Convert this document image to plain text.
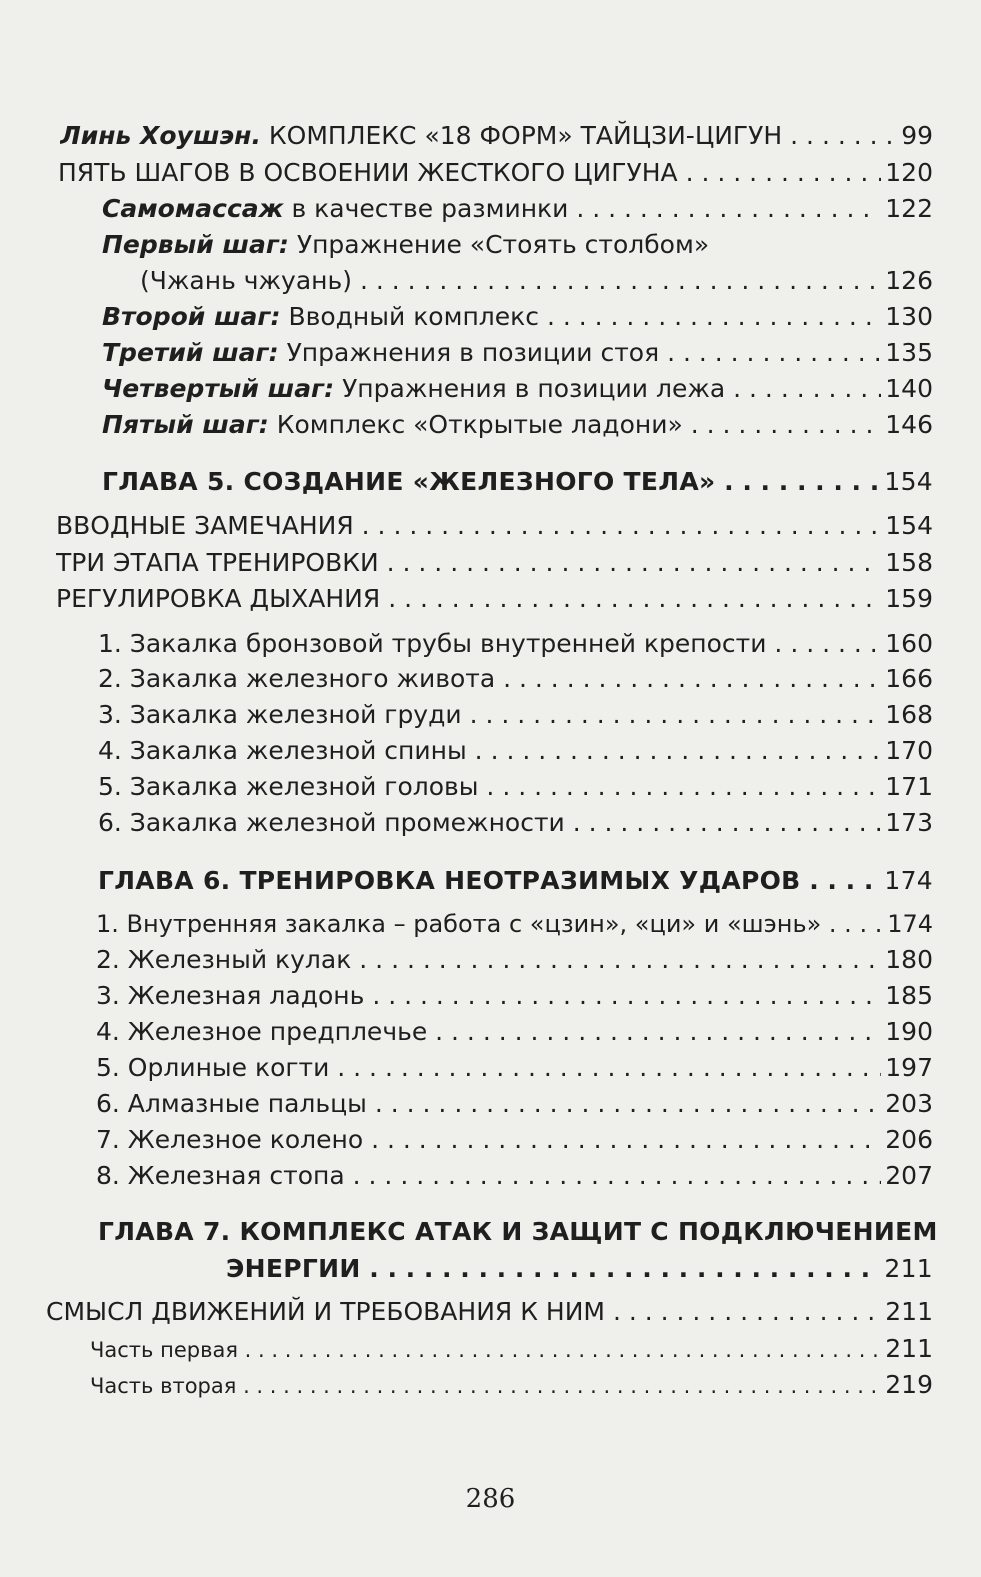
Линь Хоушэн. КОМПЛЕКС «18 ФОРМ» ТАЙЦЗИ-ЦИГУН . . .	99
ПЯТЬ ШАГОВ В ОСВОЕНИИ ЖЕСТКОГО ЦИГУНА . . .	120
Самомассаж в качестве разминки . . .	122
Первый шаг: Упражнение «Стоять столбом»
(Чжань чжуань) . . .	126
Второй шаг: Вводный комплекс . . .	130
Третий шаг: Упражнения в позиции стоя . . .	135
Четвертый шаг: Упражнения в позиции лежа . . .	140
Пятый шаг: Комплекс «Открытые ладони» . . .	146
ГЛАВА 5. СОЗДАНИЕ «ЖЕЛЕЗНОГО ТЕЛА» . . .	154
ВВОДНЫЕ ЗАМЕЧАНИЯ . . .	154
ТРИ ЭТАПА ТРЕНИРОВКИ . . .	158
РЕГУЛИРОВКА ДЫХАНИЯ . . .	159
1. Закалка бронзовой трубы внутренней крепости . . .	160
2. Закалка железного живота . . .	166
3. Закалка железной груди . . .	168
4. Закалка железной спины . . .	170
5. Закалка железной головы . . .	171
6. Закалка железной промежности . . .	173
ГЛАВА 6. ТРЕНИРОВКА НЕОТРАЗИМЫХ УДАРОВ . . .	174
1. Внутренняя закалка – работа с «цзин», «ци» и «шэнь» . . .	174
2. Железный кулак . . .	180
3. Железная ладонь . . .	185
4. Железное предплечье . . .	190
5. Орлиные когти . . .	197
6. Алмазные пальцы . . .	203
7. Железное колено . . .	206
8. Железная стопа . . .	207
ГЛАВА 7. КОМПЛЕКС АТАК И ЗАЩИТ С ПОДКЛЮЧЕНИЕМ
ЭНЕРГИИ . . .	211
СМЫСЛ ДВИЖЕНИЙ И ТРЕБОВАНИЯ К НИМ . . .	211
Часть первая . . .	211
Часть вторая . . .	219
286
